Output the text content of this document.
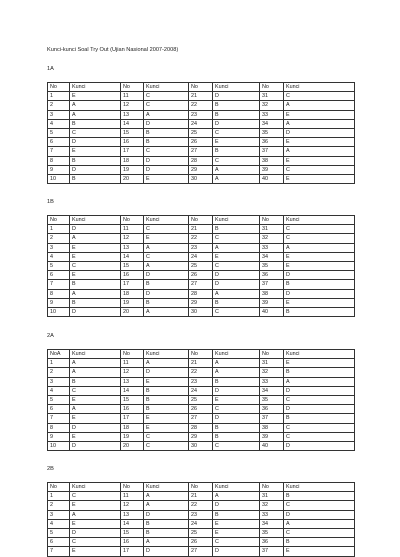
Kunci-kunci Soal Try Out (Ujian Nasional 2007-2008)
1A
No	Kunci	No	Kunci	No	Kunci	No	Kunci
1	E	11	C	21	D	31	C
2	A	12	C	22	B	32	A
3	A	13	A	23	B	33	E
4	B	14	D	24	D	34	A
5	C	15	B	25	C	35	D
6	D	16	B	26	E	36	E
7	E	17	C	27	B	37	A
8	B	18	D	28	C	38	E
9	D	19	D	29	A	39	C
10	B	20	E	30	A	40	E
1B
No	Kunci	No	Kunci	No	Kunci	No	Kunci
1	D	11	C	21	B	31	C
2	A	12	E	22	C	32	C
3	E	13	A	23	A	33	A
4	E	14	C	24	E	34	E
5	C	15	A	25	C	35	E
6	E	16	D	26	D	36	D
7	B	17	B	27	D	37	B
8	A	18	D	28	A	38	D
9	B	19	B	29	B	39	E
10	D	20	A	30	C	40	B
2A
NoA	Kunci	No	Kunci	No	Kunci	No	Kunci
1	A	11	A	21	A	31	E
2	A	12	D	22	A	32	B
3	B	13	E	23	B	33	A
4	C	14	B	24	D	34	D
5	E	15	B	25	E	35	C
6	A	16	B	26	C	36	D
7	E	17	E	27	D	37	B
8	D	18	E	28	B	38	C
9	E	19	C	29	B	39	C
10	D	20	C	30	C	40	D
2B
No	Kunci	No	Kunci	No	Kunci	No	Kunci
1	C	11	A	21	A	31	B
2	E	12	A	22	D	32	C
3	A	13	D	23	B	33	D
4	E	14	B	24	E	34	A
5	D	15	B	25	E	35	C
6	C	16	A	26	C	36	B
7	E	17	D	27	D	37	E
